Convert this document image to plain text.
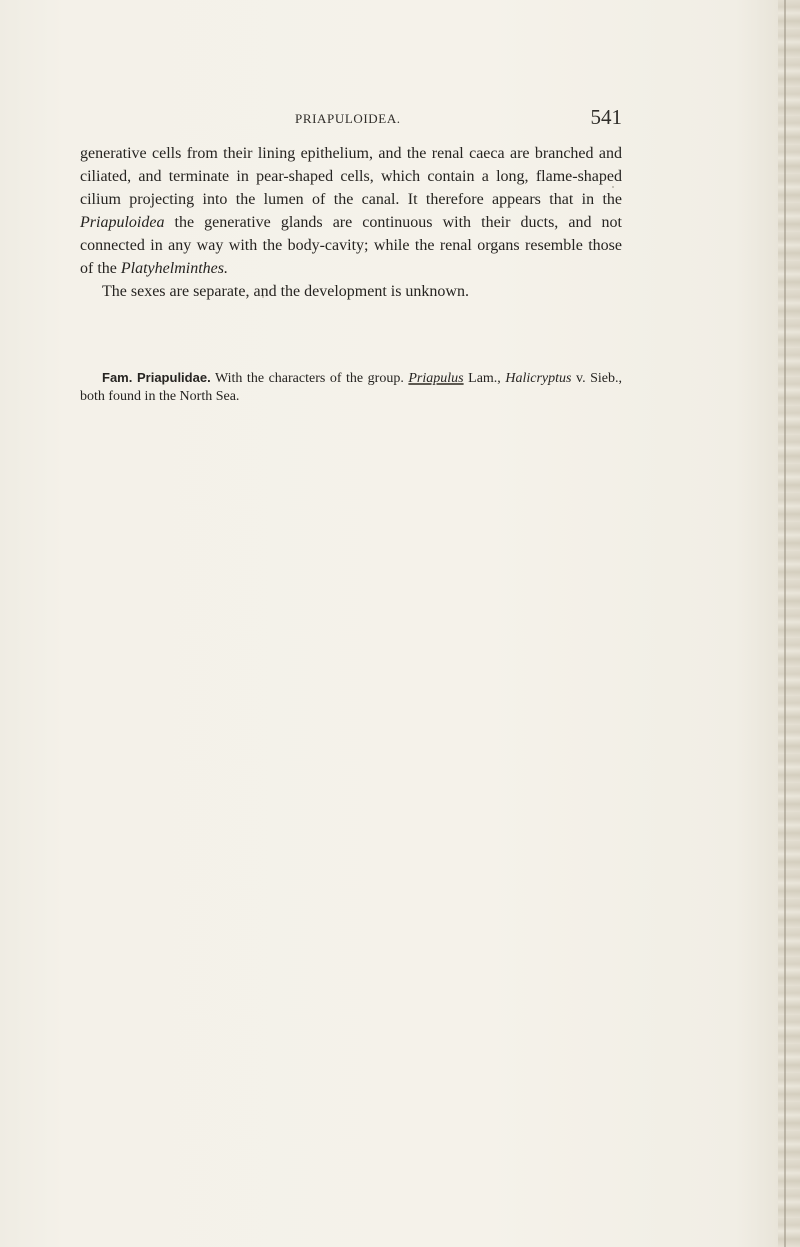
PRIAPULOIDEA.	541

generative cells from their lining epithelium, and the renal caeca are branched and ciliated, and terminate in pear-shaped cells, which contain a long, flame-shaped cilium projecting into the lumen of the canal. It therefore appears that in the Priapuloidea the generative glands are continuous with their ducts, and not connected in any way with the body-cavity; while the renal organs resemble those of the Platyhelminthes.

The sexes are separate, and the development is unknown.

Fam. Priapulidae. With the characters of the group. Priapulus Lam., Halicryptus v. Sieb., both found in the North Sea.
